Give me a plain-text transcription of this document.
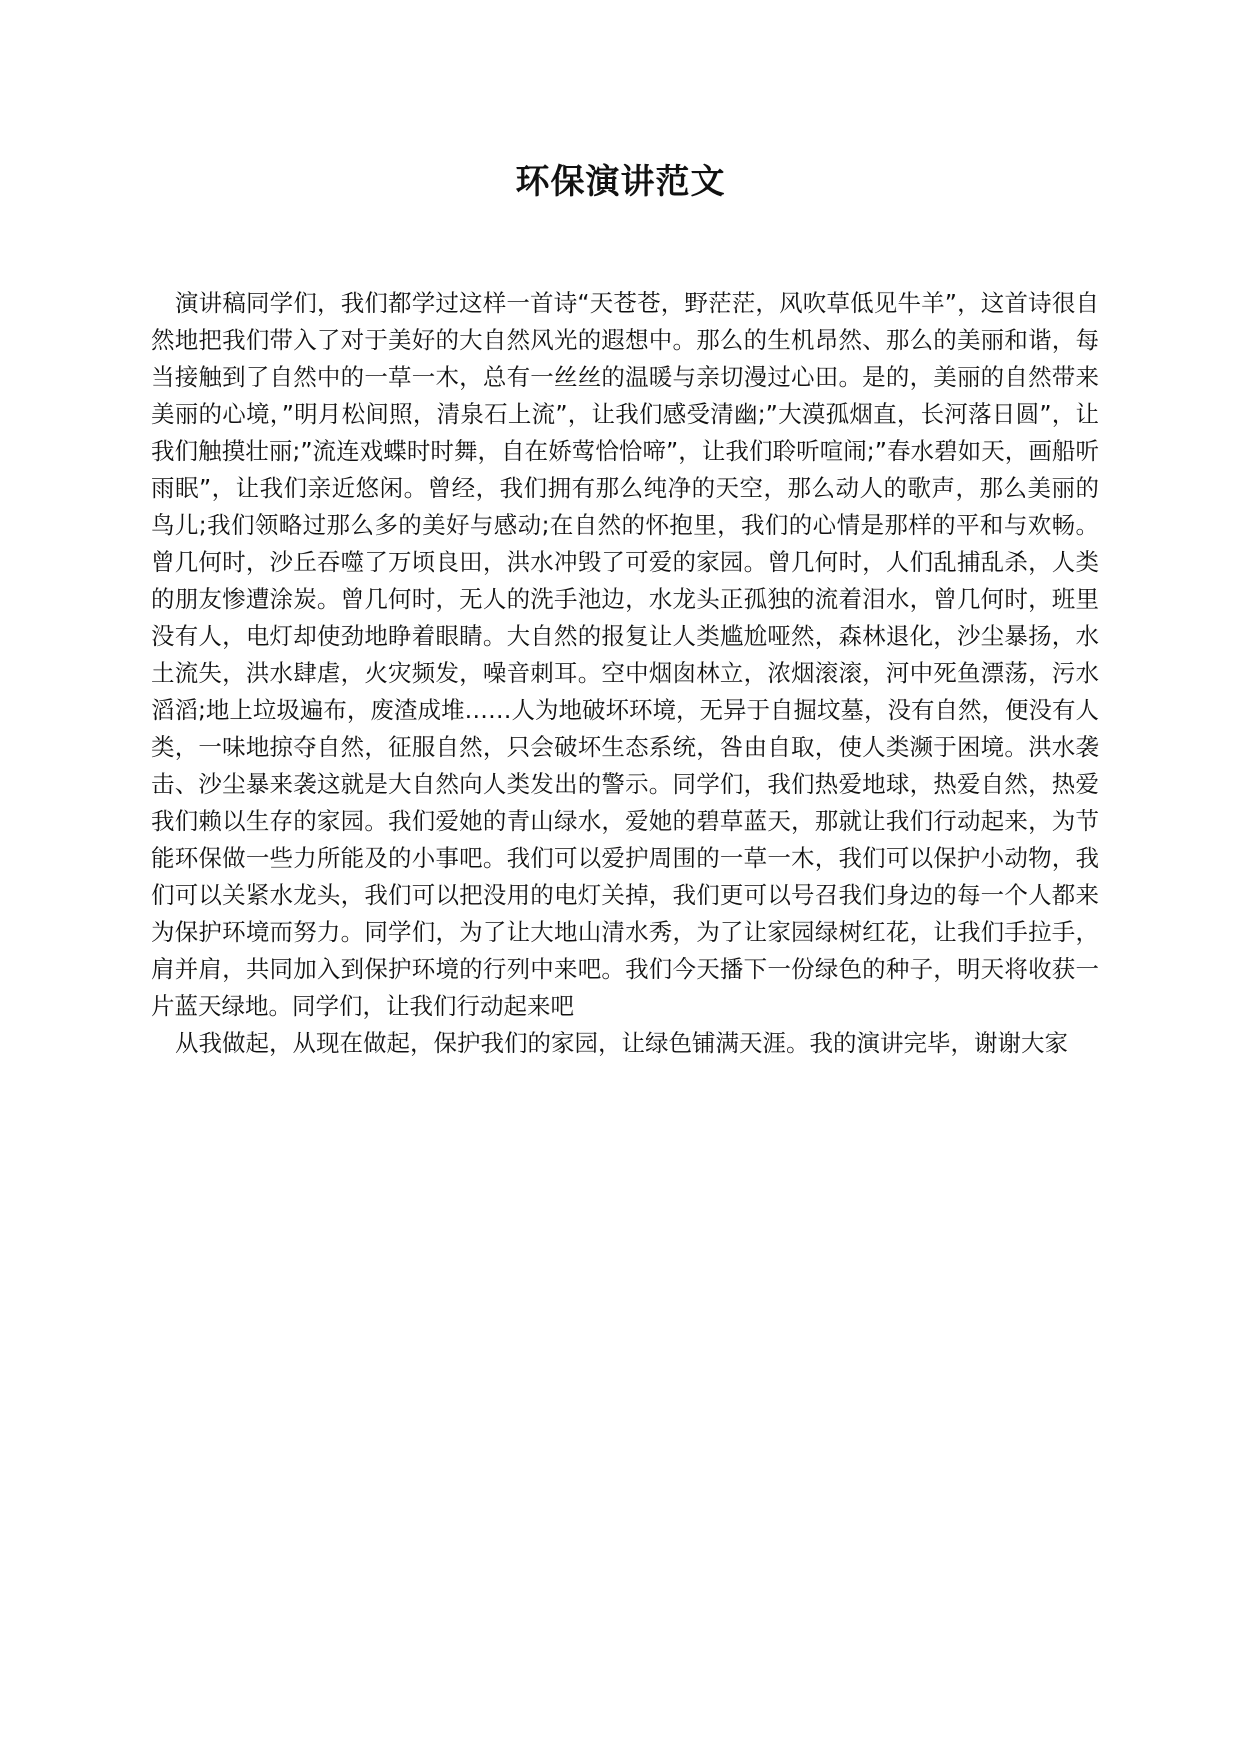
环保演讲范文

演讲稿同学们，我们都学过这样一首诗“天苍苍，野茫茫，风吹草低见牛羊”，这首诗很自然地把我们带入了对于美好的大自然风光的遐想中。那么的生机昂然、那么的美丽和谐，每当接触到了自然中的一草一木，总有一丝丝的温暖与亲切漫过心田。是的，美丽的自然带来美丽的心境，”明月松间照，清泉石上流”，让我们感受清幽;”大漠孤烟直，长河落日圆”，让我们触摸壮丽;”流连戏蝶时时舞，自在娇莺恰恰啼”，让我们聆听喧闹;”春水碧如天，画船听雨眠”，让我们亲近悠闲。曾经，我们拥有那么纯净的天空，那么动人的歌声，那么美丽的鸟儿;我们领略过那么多的美好与感动;在自然的怀抱里，我们的心情是那样的平和与欢畅。曾几何时，沙丘吞噬了万顷良田，洪水冲毁了可爱的家园。曾几何时，人们乱捕乱杀，人类的朋友惨遭涂炭。曾几何时，无人的洗手池边，水龙头正孤独的流着泪水，曾几何时，班里没有人，电灯却使劲地睁着眼睛。大自然的报复让人类尴尬哑然，森林退化，沙尘暴扬，水土流失，洪水肆虐，火灾频发，噪音刺耳。空中烟囱林立，浓烟滚滚，河中死鱼漂荡，污水滔滔;地上垃圾遍布，废渣成堆……人为地破坏环境，无异于自掘坟墓，没有自然，便没有人类，一味地掠夺自然，征服自然，只会破坏生态系统，咎由自取，使人类濒于困境。洪水袭击、沙尘暴来袭这就是大自然向人类发出的警示。同学们，我们热爱地球，热爱自然，热爱我们赖以生存的家园。我们爱她的青山绿水，爱她的碧草蓝天，那就让我们行动起来，为节能环保做一些力所能及的小事吧。我们可以爱护周围的一草一木，我们可以保护小动物，我们可以关紧水龙头，我们可以把没用的电灯关掉，我们更可以号召我们身边的每一个人都来为保护环境而努力。同学们，为了让大地山清水秀，为了让家园绿树红花，让我们手拉手，肩并肩，共同加入到保护环境的行列中来吧。我们今天播下一份绿色的种子，明天将收获一片蓝天绿地。同学们，让我们行动起来吧

从我做起，从现在做起，保护我们的家园，让绿色铺满天涯。我的演讲完毕，谢谢大家
